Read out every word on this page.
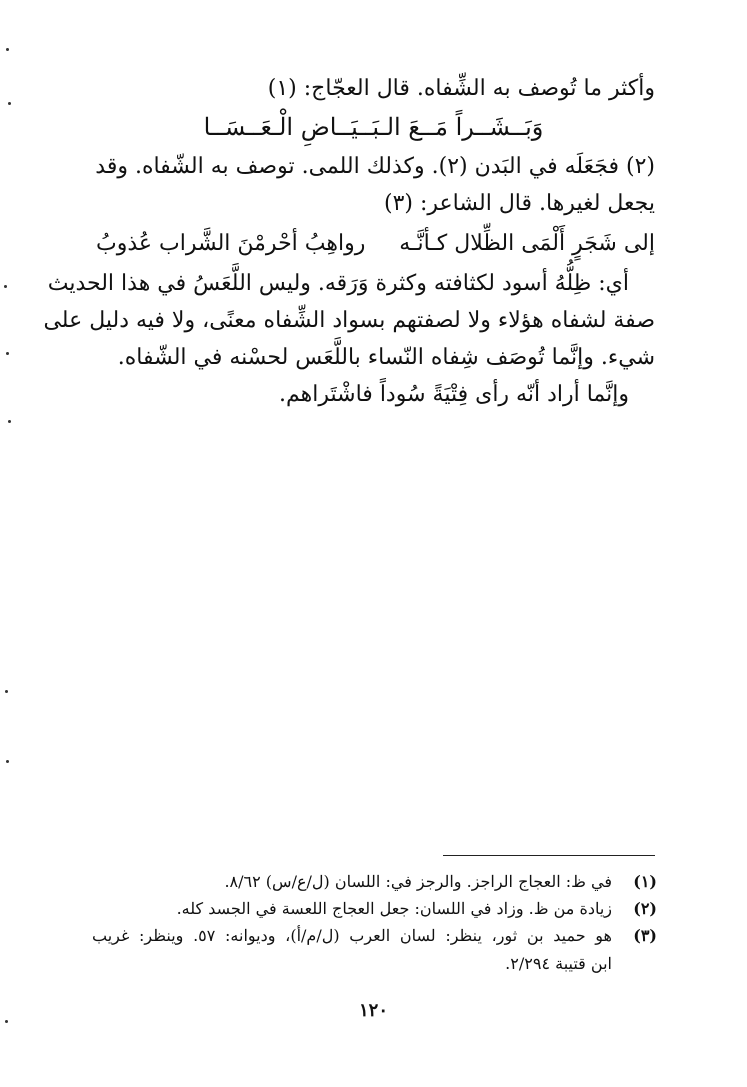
وأكثر ما تُوصف به الشِّفاه. قال العجّاج: (١)
وَبَــشَــراً مَــعَ الـبَــيَــاضِ الْـعَــسَــا
(٢) فجَعَلَه في البَدن (٢). وكذلك اللمى. توصف به الشّفاه. وقد
يجعل لغيرها. قال الشاعر: (٣)
إلى شَجَرٍ أَلْمَى الظِّلال كـأنَّـه
رواهِبُ أحْرمْنَ الشَّراب عُذوبُ
أي: ظِلُّهُ أسود لكثافته وكثرة وَرَقه. وليس اللَّعَسُ في هذا الحديث
صفة لشفاه هؤلاء ولا لصفتهم بسواد الشِّفاه معنًى، ولا فيه دليل على
شيء. وإنَّما تُوصَف شِفاه النّساء باللَّعَس لحسْنه في الشّفاه.
وإنَّما أراد أنّه رأى فِتْيَةً سُوداً فاشْتَراهم.
(١)
في ظ: العجاج الراجز. والرجز في: اللسان (ل/ع/س) ٨/٦٢.
(٢)
زيادة من ظ. وزاد في اللسان: جعل العجاج اللعسة في الجسد كله.
(٣)
هو حميد بن ثور، ينظر: لسان العرب (ل/م/أ)، وديوانه: ٥٧. وينظر: غريب
ابن قتيبة ٢/٢٩٤.
١٢٠
